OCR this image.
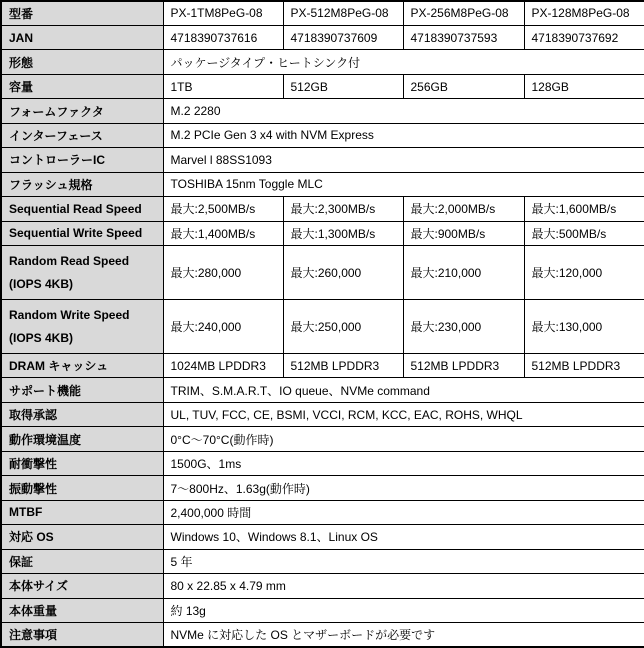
型番	PX-1TM8PeG-08	PX-512M8PeG-08	PX-256M8PeG-08	PX-128M8PeG-08
JAN	4718390737616	4718390737609	4718390737593	4718390737692
形態	パッケージタイプ・ヒートシンク付			
容量	1TB	512GB	256GB	128GB
フォームファクタ	M.2 2280			
インターフェース	M.2 PCIe Gen 3 x4 with NVM Express			
コントローラーIC	Marvel l 88SS1093			
フラッシュ規格	TOSHIBA 15nm Toggle MLC			
Sequential Read Speed	最大:2,500MB/s	最大:2,300MB/s	最大:2,000MB/s	最大:1,600MB/s
Sequential Write Speed	最大:1,400MB/s	最大:1,300MB/s	最大:900MB/s	最大:500MB/s

Random Read Speed
(IOPS 4KB)	最大:280,000	最大:260,000	最大:210,000	最大:120,000

Random Write Speed
(IOPS 4KB)	最大:240,000	最大:250,000	最大:230,000	最大:130,000
DRAM キャッシュ	1024MB LPDDR3	512MB LPDDR3	512MB LPDDR3	512MB LPDDR3
サポート機能	TRIM、S.M.A.R.T、IO queue、NVMe command			
取得承認	UL, TUV, FCC, CE, BSMI, VCCI, RCM, KCC, EAC, ROHS, WHQL			
動作環境温度	0°C～70°C(動作時)			
耐衝撃性	1500G、1ms			
振動撃性	7～800Hz、1.63g(動作時)			
MTBF	2,400,000 時間			
対応 OS	Windows 10、Windows 8.1、Linux OS			
保証	5 年			
本体サイズ	80 x 22.85 x 4.79 mm			
本体重量	約 13g			
注意事項	NVMe に対応した OS とマザーボードが必要です			
